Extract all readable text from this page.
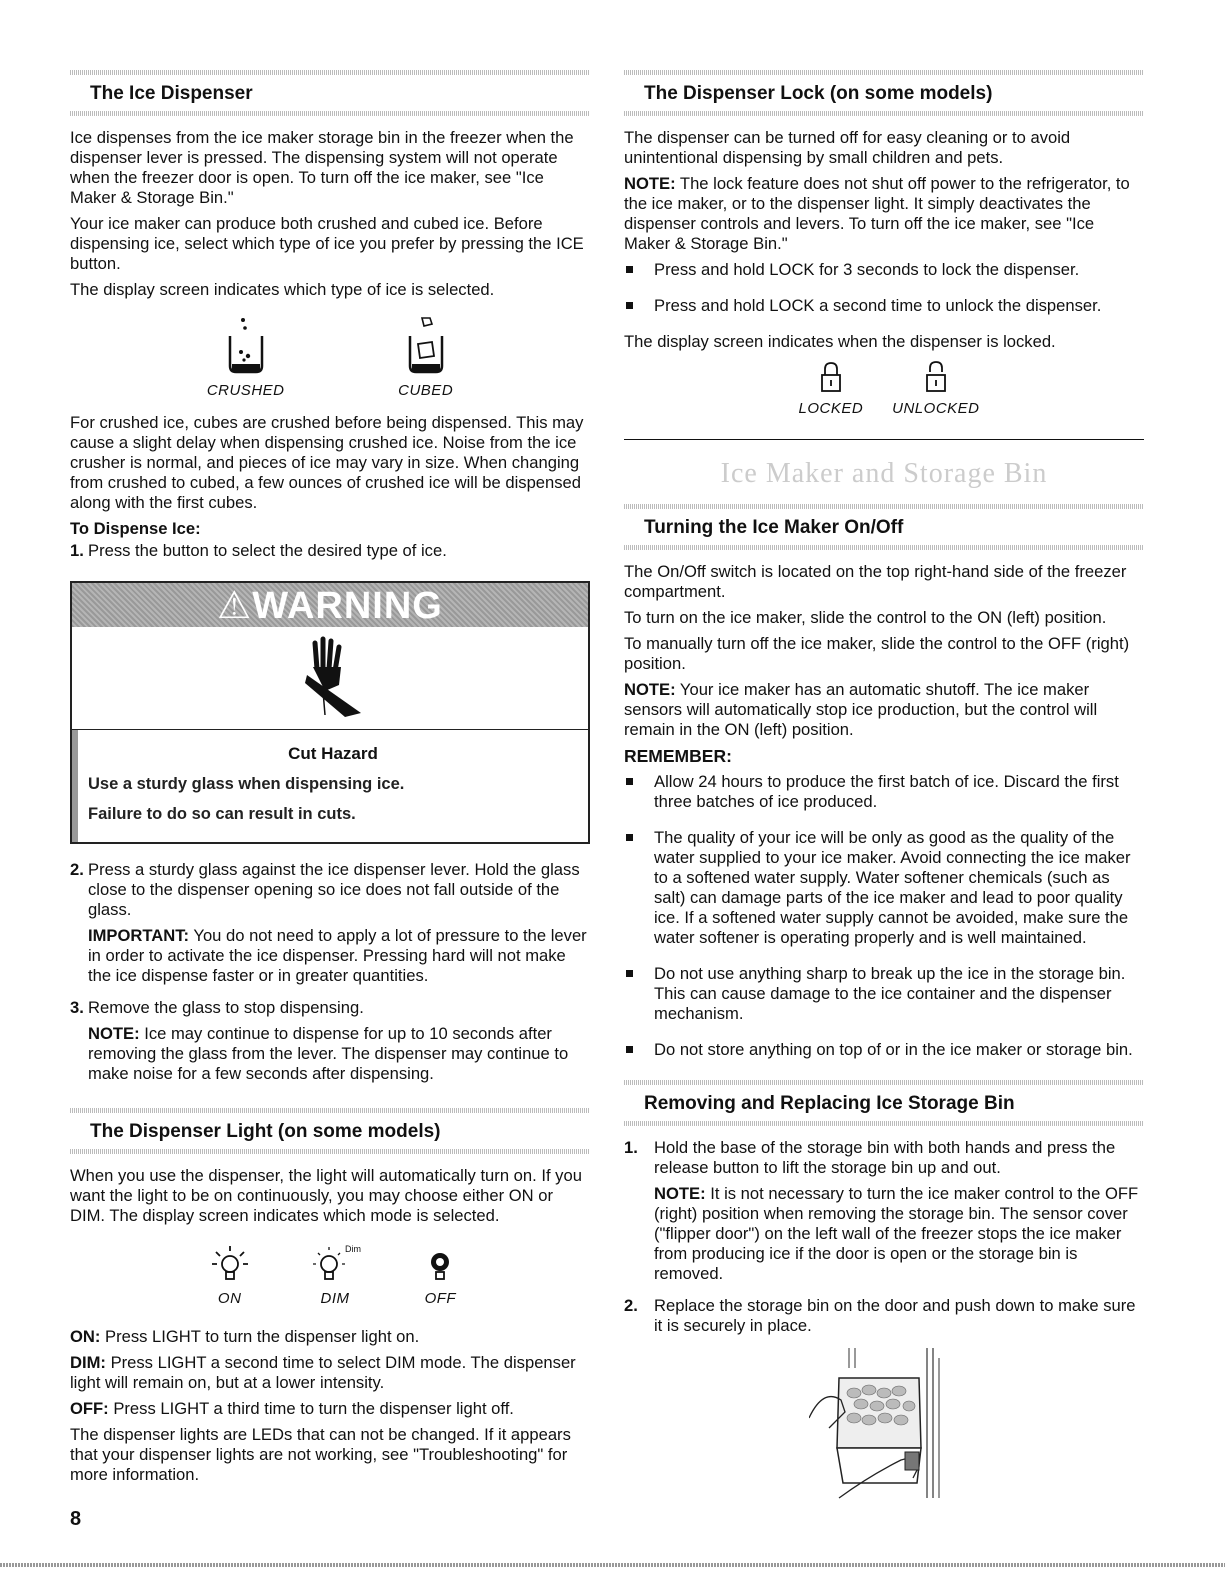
The Ice Dispenser

Ice dispenses from the ice maker storage bin in the freezer when the dispenser lever is pressed. The dispensing system will not operate when the freezer door is open. To turn off the ice maker, see "Ice Maker & Storage Bin."

Your ice maker can produce both crushed and cubed ice. Before dispensing ice, select which type of ice you prefer by pressing the ICE button.

The display screen indicates which type of ice is selected.

CRUSHED	CUBED

For crushed ice, cubes are crushed before being dispensed. This may cause a slight delay when dispensing crushed ice. Noise from the ice crusher is normal, and pieces of ice may vary in size. When changing from crushed to cubed, a few ounces of crushed ice will be dispensed along with the first cubes.

To Dispense Ice:

1. Press the button to select the desired type of ice.

⚠WARNING
Cut Hazard

Use a sturdy glass when dispensing ice.

Failure to do so can result in cuts.

2. Press a sturdy glass against the ice dispenser lever. Hold the glass close to the dispenser opening so ice does not fall outside of the glass.

IMPORTANT: You do not need to apply a lot of pressure to the lever in order to activate the ice dispenser. Pressing hard will not make the ice dispense faster or in greater quantities.

3. Remove the glass to stop dispensing.

NOTE: Ice may continue to dispense for up to 10 seconds after removing the glass from the lever. The dispenser may continue to make noise for a few seconds after dispensing.

The Dispenser Light (on some models)

When you use the dispenser, the light will automatically turn on. If you want the light to be on continuously, you may choose either ON or DIM. The display screen indicates which mode is selected.

ON
Dim
DIM	OFF

ON: Press LIGHT to turn the dispenser light on.

DIM: Press LIGHT a second time to select DIM mode. The dispenser light will remain on, but at a lower intensity.

OFF: Press LIGHT a third time to turn the dispenser light off.

The dispenser lights are LEDs that can not be changed. If it appears that your dispenser lights are not working, see "Troubleshooting" for more information.

The Dispenser Lock (on some models)

The dispenser can be turned off for easy cleaning or to avoid unintentional dispensing by small children and pets.

NOTE: The lock feature does not shut off power to the refrigerator, to the ice maker, or to the dispenser light. It simply deactivates the dispenser controls and levers. To turn off the ice maker, see "Ice Maker & Storage Bin."

Press and hold LOCK for 3 seconds to lock the dispenser.

Press and hold LOCK a second time to unlock the dispenser.

The display screen indicates when the dispenser is locked.

LOCKED UNLOCKED
Ice Maker and Storage Bin
Turning the Ice Maker On/Off

The On/Off switch is located on the top right-hand side of the freezer compartment.

To turn on the ice maker, slide the control to the ON (left) position.

To manually turn off the ice maker, slide the control to the OFF (right) position.

NOTE: Your ice maker has an automatic shutoff. The ice maker sensors will automatically stop ice production, but the control will remain in the ON (left) position.

REMEMBER:

Allow 24 hours to produce the first batch of ice. Discard the first three batches of ice produced.

The quality of your ice will be only as good as the quality of the water supplied to your ice maker. Avoid connecting the ice maker to a softened water supply. Water softener chemicals (such as salt) can damage parts of the ice maker and lead to poor quality ice. If a softened water supply cannot be avoided, make sure the water softener is operating properly and is well maintained.

Do not use anything sharp to break up the ice in the storage bin. This can cause damage to the ice container and the dispenser mechanism.

Do not store anything on top of or in the ice maker or storage bin.

Removing and Replacing Ice Storage Bin
1. Hold the base of the storage bin with both hands and press the release button to lift the storage bin up and out.

NOTE: It is not necessary to turn the ice maker control to the OFF (right) position when removing the storage bin. The sensor cover ("flipper door") on the left wall of the freezer stops the ice maker from producing ice if the door is open or the storage bin is removed.

2. Replace the storage bin on the door and push down to make sure it is securely in place.

8
